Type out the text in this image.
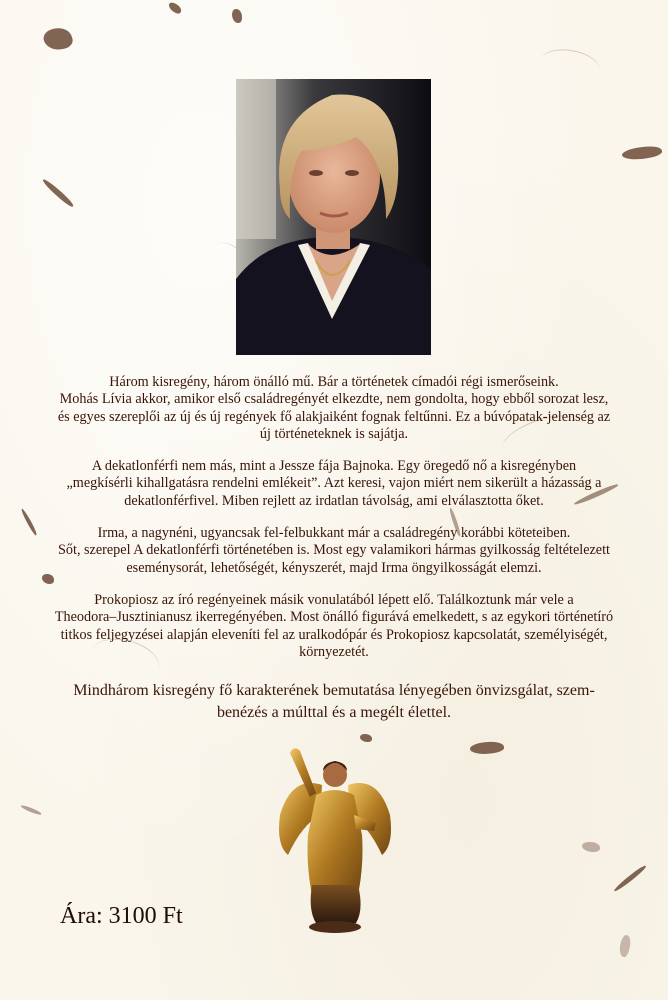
Három kisregény, három önálló mű. Bár a történetek címadói régi ismerőseink.
Mohás Lívia akkor, amikor első családregényét elkezdte, nem gondolta, hogy ebből sorozat lesz,
és egyes szereplői az új és új regények fő alakjaiként fognak feltűnni. Ez a búvópatak-jelenség az
új történeteknek is sajátja.

A dekatlonférfi nem más, mint a Jessze fája Bajnoka. Egy öregedő nő a kisregényben
„megkísérli kihallgatásra rendelni emlékeit”. Azt keresi, vajon miért nem sikerült a házasság a
dekatlonférfivel. Miben rejlett az irdatlan távolság, ami elválasztotta őket.

Irma, a nagynéni, ugyancsak fel-felbukkant már a családregény korábbi köteteiben.
Sőt, szerepel A dekatlonférfi történetében is. Most egy valamikori hármas gyilkosság feltételezett
eseménysorát, lehetőségét, kényszerét, majd Irma öngyilkosságát elemzi.

Prokopiosz az író regényeinek másik vonulatából lépett elő. Találkoztunk már vele a
Theodora–Jusztinianusz ikerregényében. Most önálló figurává emelkedett, s az egykori történetíró
titkos feljegyzései alapján eleveníti fel az uralkodópár és Prokopiosz kapcsolatát, személyiségét,
környezetét.

Mindhárom kisregény fő karakterének bemutatása lényegében önvizsgálat, szem-
benézés a múlttal és a megélt élettel.
Ára: 3100 Ft
